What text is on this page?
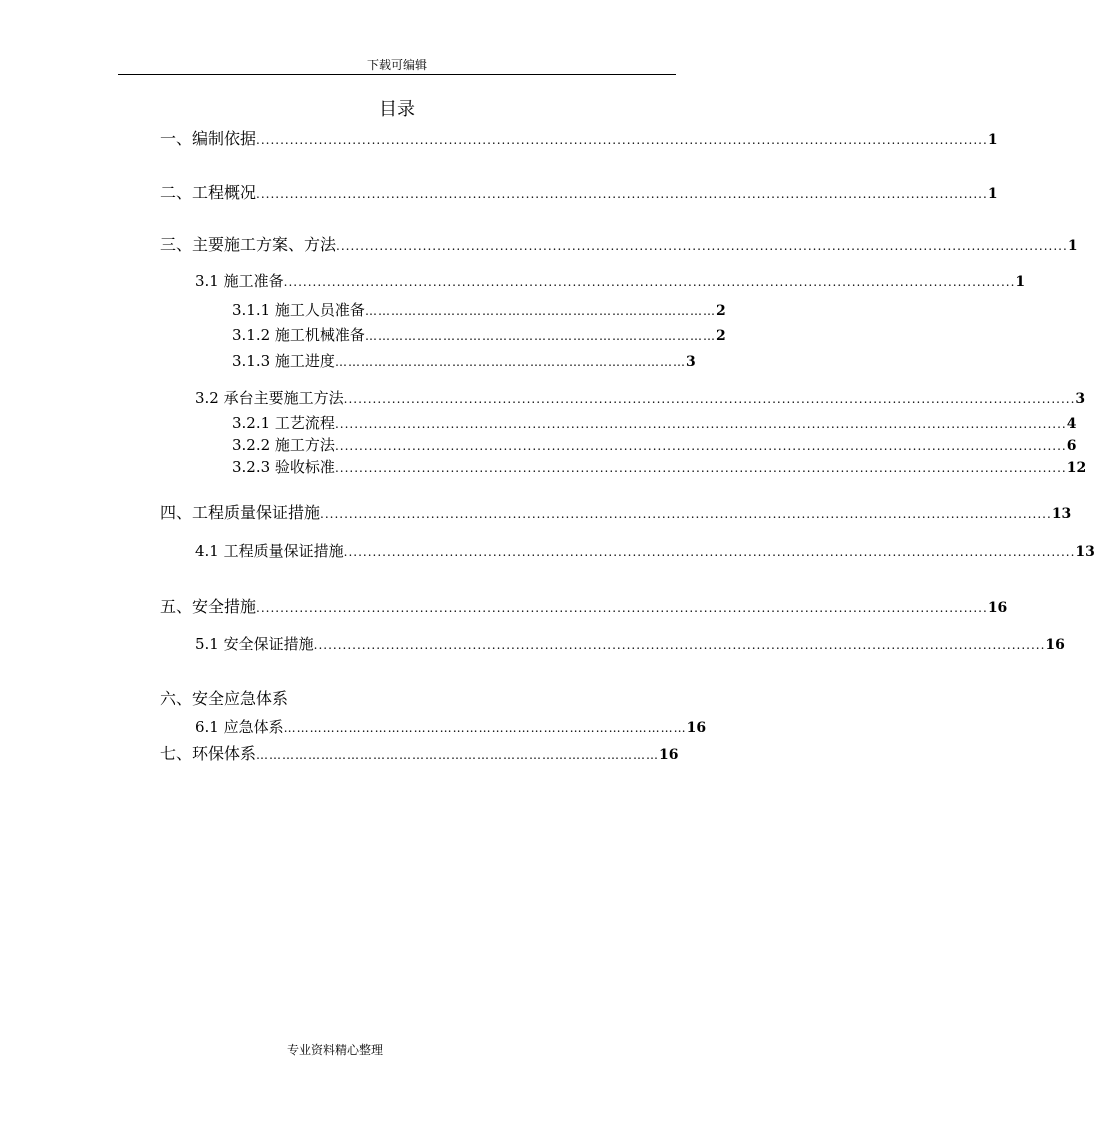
下载可编辑
目录
一、编制依据 ........................................................................................................................................................ 1
二、工程概况 ........................................................................................................................................................ 1
三、主要施工方案、方法 ........................................................................................................................................................ 1
3.1 施工准备 ........................................................................................................................................................ 1
3.1.1 施工人员准备 ……………………………………………………………………… 2
3.1.2 施工机械准备 ……………………………………………………………………… 2
3.1.3 施工进度 ……………………………………………………………………… 3
3.2 承台主要施工方法 ........................................................................................................................................................ 3
3.2.1 工艺流程 ........................................................................................................................................................ 4
3.2.2 施工方法 ........................................................................................................................................................ 6
3.2.3 验收标准 ........................................................................................................................................................ 12
四、工程质量保证措施 ........................................................................................................................................................ 13
4.1 工程质量保证措施 ........................................................................................................................................................ 13
五、安全措施 ........................................................................................................................................................ 16
5.1 安全保证措施 ........................................................................................................................................................ 16
六、安全应急体系
6.1 应急体系 ………………………………………………………………………………… 16
七、环保体系 ………………………………………………………………………………… 16
专业资料精心整理
